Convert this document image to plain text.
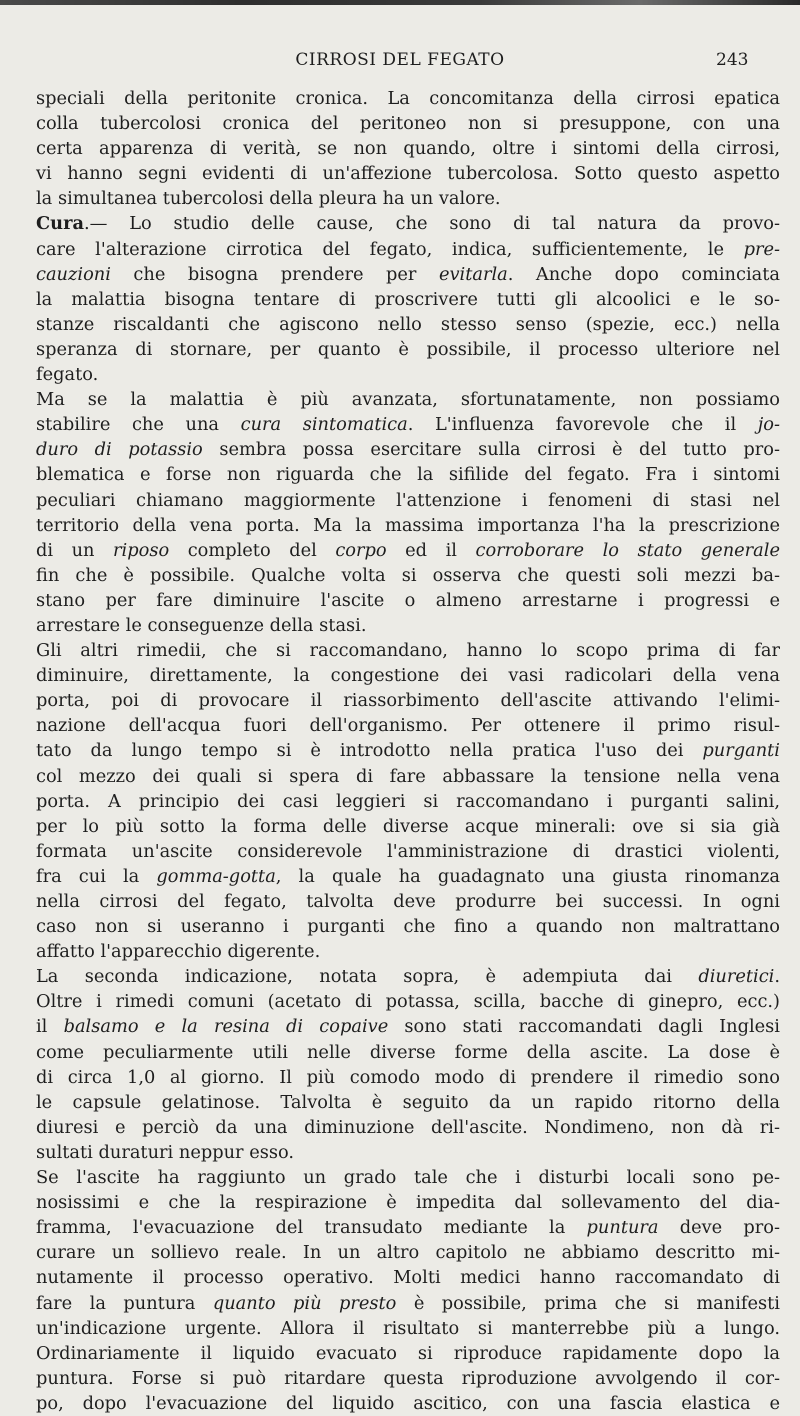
CIRROSI DEL FEGATO	243
speciali della peritonite cronica. La concomitanza della cirrosi epatica
colla tubercolosi cronica del peritoneo non si presuppone, con una
certa apparenza di verità, se non quando, oltre i sintomi della cirrosi,
vi hanno segni evidenti di un'affezione tubercolosa. Sotto questo aspetto
la simultanea tubercolosi della pleura ha un valore.
Cura.— Lo studio delle cause, che sono di tal natura da provo-
care l'alterazione cirrotica del fegato, indica, sufficientemente, le pre-
cauzioni che bisogna prendere per evitarla. Anche dopo cominciata
la malattia bisogna tentare di proscrivere tutti gli alcoolici e le so-
stanze riscaldanti che agiscono nello stesso senso (spezie, ecc.) nella
speranza di stornare, per quanto è possibile, il processo ulteriore nel
fegato.
Ma se la malattia è più avanzata, sfortunatamente, non possiamo
stabilire che una cura sintomatica. L'influenza favorevole che il jo-
duro di potassio sembra possa esercitare sulla cirrosi è del tutto pro-
blematica e forse non riguarda che la sifilide del fegato. Fra i sintomi
peculiari chiamano maggiormente l'attenzione i fenomeni di stasi nel
territorio della vena porta. Ma la massima importanza l'ha la prescrizione
di un riposo completo del corpo ed il corroborare lo stato generale
fin che è possibile. Qualche volta si osserva che questi soli mezzi ba-
stano per fare diminuire l'ascite o almeno arrestarne i progressi e
arrestare le conseguenze della stasi.
Gli altri rimedii, che si raccomandano, hanno lo scopo prima di far
diminuire, direttamente, la congestione dei vasi radicolari della vena
porta, poi di provocare il riassorbimento dell'ascite attivando l'elimi-
nazione dell'acqua fuori dell'organismo. Per ottenere il primo risul-
tato da lungo tempo si è introdotto nella pratica l'uso dei purganti
col mezzo dei quali si spera di fare abbassare la tensione nella vena
porta. A principio dei casi leggieri si raccomandano i purganti salini,
per lo più sotto la forma delle diverse acque minerali: ove si sia già
formata un'ascite considerevole l'amministrazione di drastici violenti,
fra cui la gomma-gotta, la quale ha guadagnato una giusta rinomanza
nella cirrosi del fegato, talvolta deve produrre bei successi. In ogni
caso non si useranno i purganti che fino a quando non maltrattano
affatto l'apparecchio digerente.
La seconda indicazione, notata sopra, è adempiuta dai diuretici.
Oltre i rimedi comuni (acetato di potassa, scilla, bacche di ginepro, ecc.)
il balsamo e la resina di copaive sono stati raccomandati dagli Inglesi
come peculiarmente utili nelle diverse forme della ascite. La dose è
di circa 1,0 al giorno. Il più comodo modo di prendere il rimedio sono
le capsule gelatinose. Talvolta è seguito da un rapido ritorno della
diuresi e perciò da una diminuzione dell'ascite. Nondimeno, non dà ri-
sultati duraturi neppur esso.
Se l'ascite ha raggiunto un grado tale che i disturbi locali sono pe-
nosissimi e che la respirazione è impedita dal sollevamento del dia-
framma, l'evacuazione del transudato mediante la puntura deve pro-
curare un sollievo reale. In un altro capitolo ne abbiamo descritto mi-
nutamente il processo operativo. Molti medici hanno raccomandato di
fare la puntura quanto più presto è possibile, prima che si manifesti
un'indicazione urgente. Allora il risultato si manterrebbe più a lungo.
Ordinariamente il liquido evacuato si riproduce rapidamente dopo la
puntura. Forse si può ritardare questa riproduzione avvolgendo il cor-
po, dopo l'evacuazione del liquido ascitico, con una fascia elastica e
